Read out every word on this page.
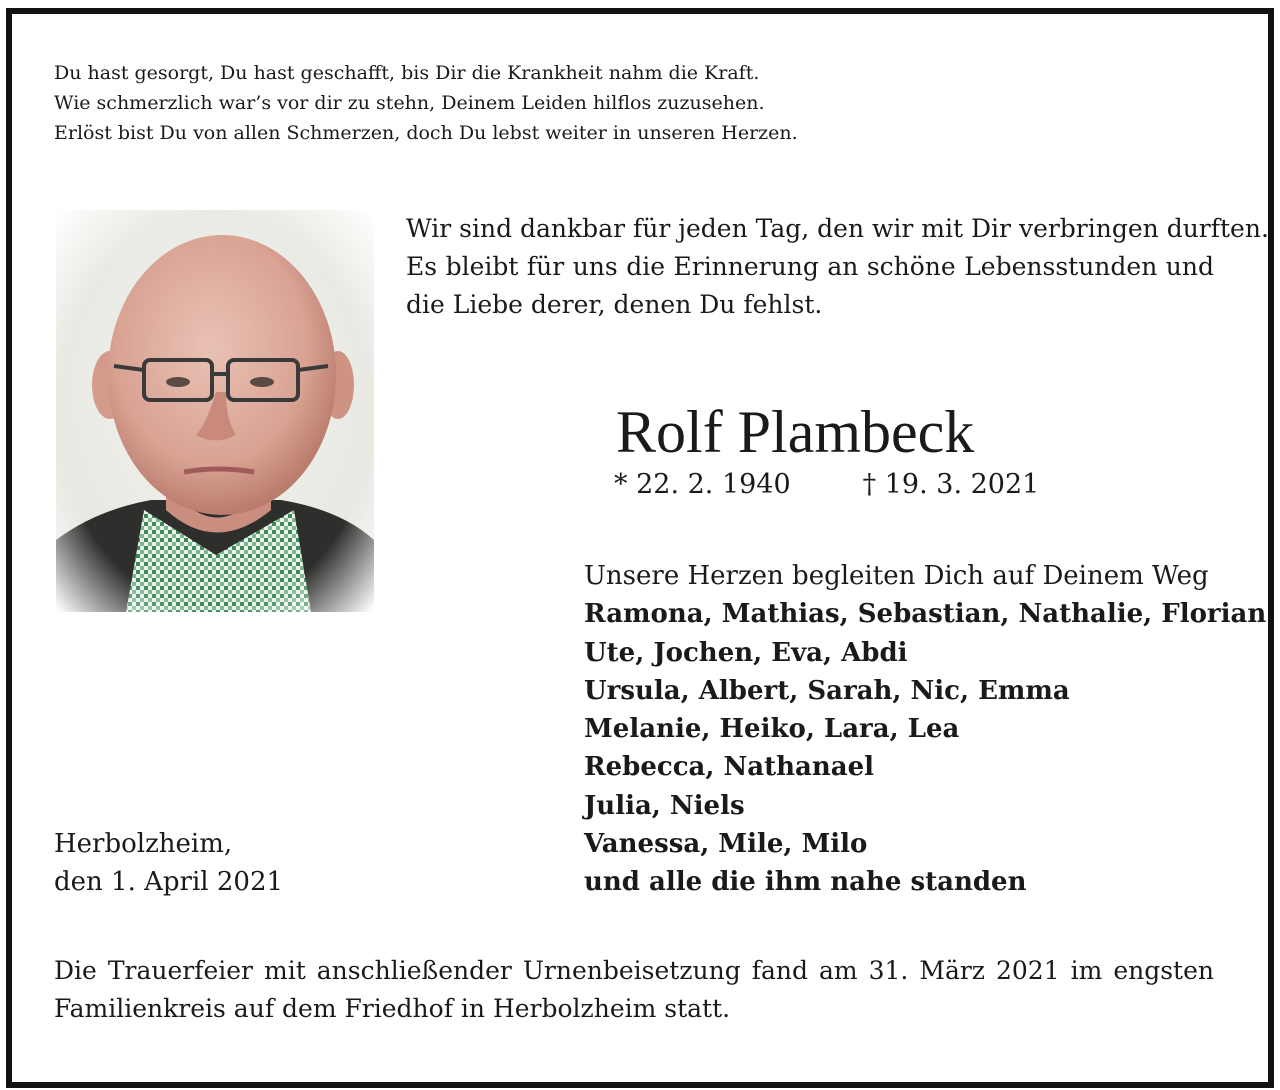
Du hast gesorgt, Du hast geschafft, bis Dir die Krankheit nahm die Kraft.
Wie schmerzlich war’s vor dir zu stehn, Deinem Leiden hilflos zuzusehen.
Erlöst bist Du von allen Schmerzen, doch Du lebst weiter in unseren Herzen.
Wir sind dankbar für jeden Tag, den wir mit Dir verbringen durften.
Es bleibt für uns die Erinnerung an schöne Lebensstunden und
die Liebe derer, denen Du fehlst.
Rolf Plambeck
* 22. 2. 1940	† 19. 3. 2021
Unsere Herzen begleiten Dich auf Deinem Weg
Ramona, Mathias, Sebastian, Nathalie, Florian
Ute, Jochen, Eva, Abdi
Ursula, Albert, Sarah, Nic, Emma
Melanie, Heiko, Lara, Lea
Rebecca, Nathanael
Julia, Niels
Vanessa, Mile, Milo
und alle die ihm nahe standen
Herbolzheim,
den 1. April 2021
Die Trauerfeier mit anschließender Urnenbeisetzung fand am 31. März 2021 im engsten
Familienkreis auf dem Friedhof in Herbolzheim statt.
